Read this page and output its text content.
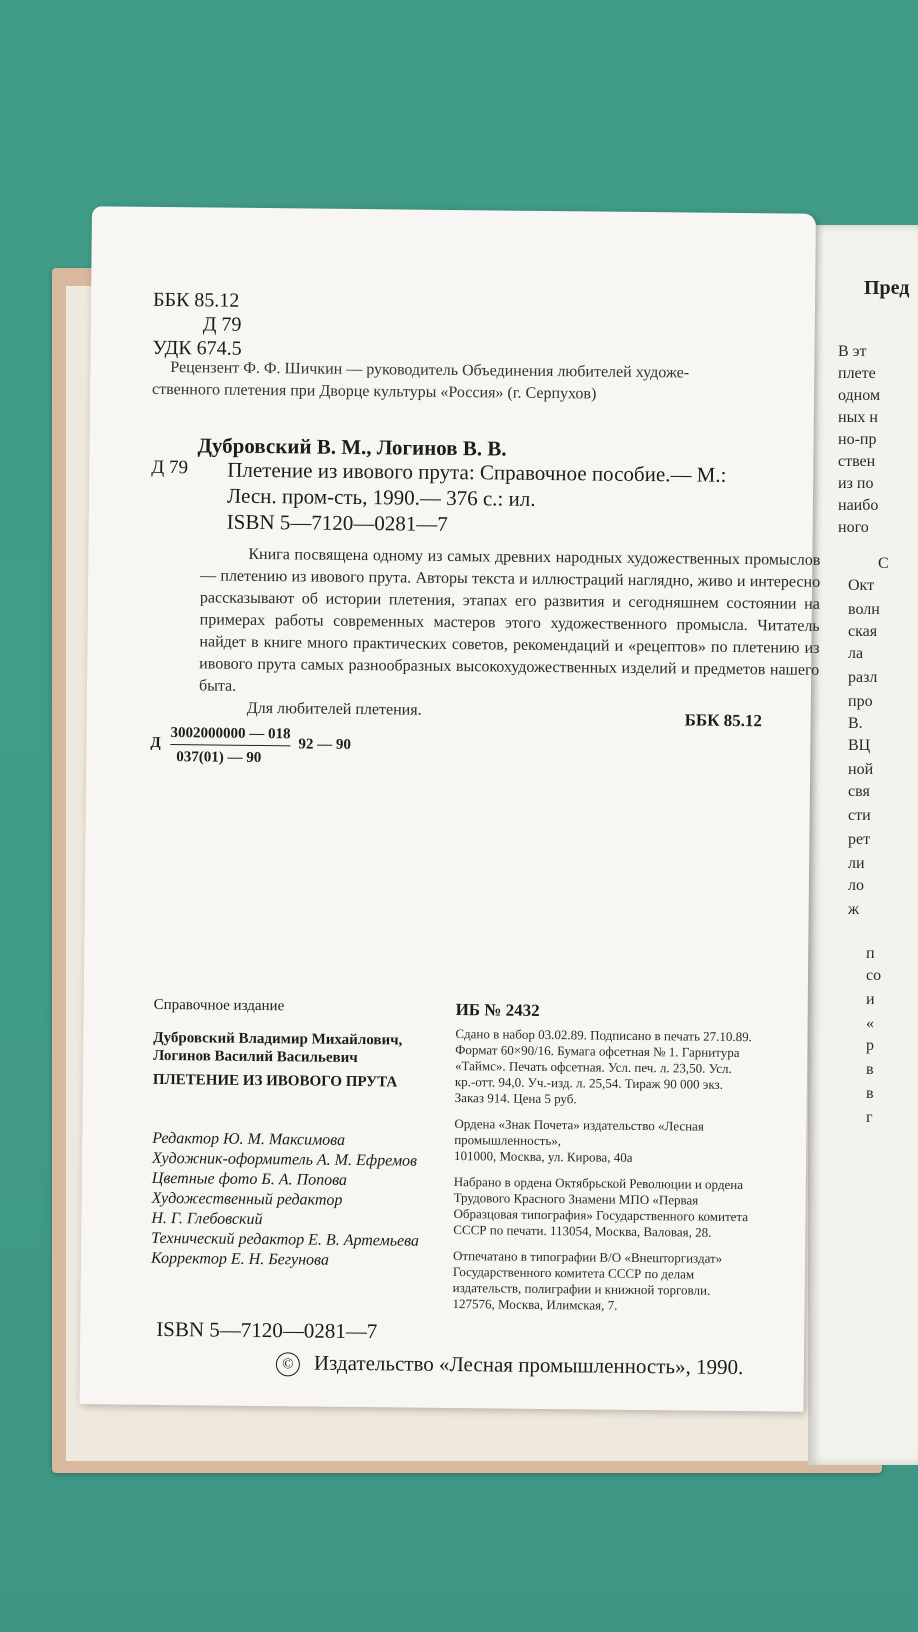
Пред
В эт
плете
одном
ных н
но-пр
ствен
из по
наибо
ного
С
Окт
волн
ская
ла
разл
про
В.
ВЦ
ной
свя
сти
рет
ли
ло
ж
п
со
и
«
р
в
в
г
ББК 85.12
Д 79
УДК 674.5
Рецензент Ф. Ф. Шичкин — руководитель Объединения любителей художе-
ственного плетения при Дворце культуры «Россия» (г. Серпухов)
Дубровский В. М., Логинов В. В.
Д 79 Плетение из ивового прута: Справочное пособие.— М.:
Лесн. пром-сть, 1990.— 376 с.: ил.
ISBN 5—7120—0281—7

Книга посвящена одному из самых древних народных художественных промыслов — плетению из ивового прута. Авторы текста и иллюстраций наглядно, живо и интересно рассказывают об истории плетения, этапах его развития и сегодняшнем состоянии на примерах работы современных мастеров этого художественного промысла. Читатель найдет в книге много практических советов, рекомендаций и «рецептов» по плетению из ивового прута самых разнообразных высокохудожественных изделий и предметов нашего быта.

Для любителей плетения.

ББК 85.12
Д
3002000000 — 018
037(01) — 90
92 — 90
Справочное издание
Дубровский Владимир Михайлович,
Логинов Василий Васильевич
ПЛЕТЕНИЕ ИЗ ИВОВОГО ПРУТА
Редактор Ю. М. Максимова
Художник-оформитель А. М. Ефремов
Цветные фото Б. А. Попова
Художественный редактор
Н. Г. Глебовский
Технический редактор Е. В. Артемьева
Корректор Е. Н. Бегунова
ИБ № 2432
Сдано в набор 03.02.89. Подписано в печать 27.10.89.
Формат 60×90/16. Бумага офсетная № 1. Гарнитура
«Таймс». Печать офсетная. Усл. печ. л. 23,50. Усл.
кр.-отт. 94,0. Уч.-изд. л. 25,54. Тираж 90 000 экз.
Заказ 914. Цена 5 руб.
Ордена «Знак Почета» издательство «Лесная
промышленность»,
101000, Москва, ул. Кирова, 40а
Набрано в ордена Октябрьской Революции и ордена
Трудового Красного Знамени МПО «Первая
Образцовая типография» Государственного комитета
СССР по печати. 113054, Москва, Валовая, 28.
Отпечатано в типографии В/О «Внешторгиздат»
Государственного комитета СССР по делам
издательств, полиграфии и книжной торговли.
127576, Москва, Илимская, 7.
ISBN 5—7120—0281—7
© Издательство «Лесная промышленность», 1990.
